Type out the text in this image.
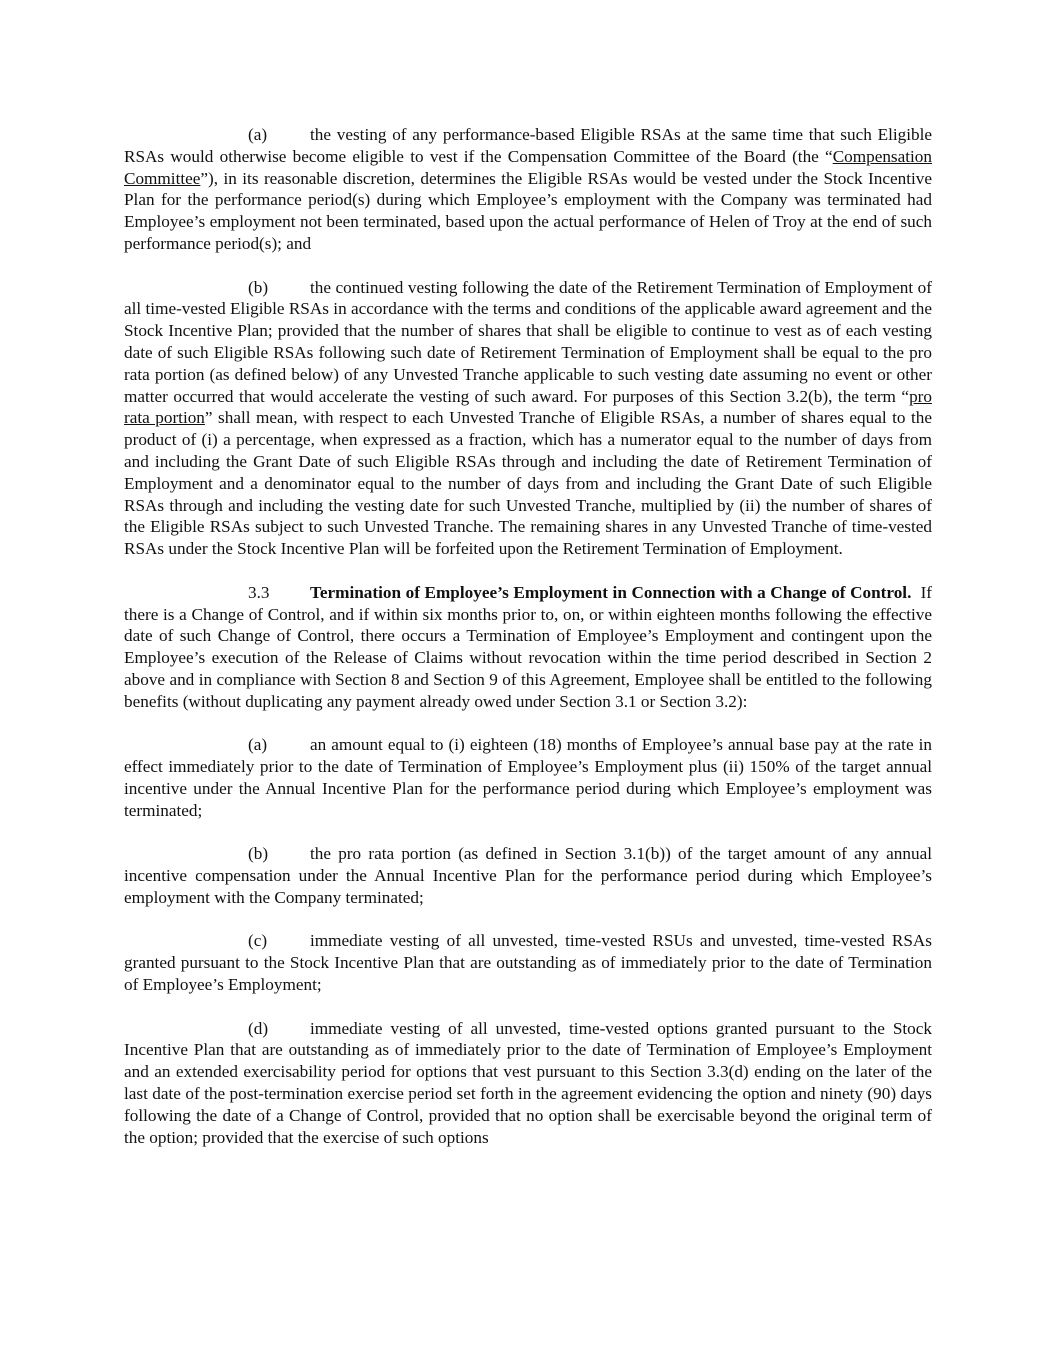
(a) the vesting of any performance-based Eligible RSAs at the same time that such Eligible RSAs would otherwise become eligible to vest if the Compensation Committee of the Board (the “Compensation Committee”), in its reasonable discretion, determines the Eligible RSAs would be vested under the Stock Incentive Plan for the performance period(s) during which Employee’s employment with the Company was terminated had Employee’s employment not been terminated, based upon the actual performance of Helen of Troy at the end of such performance period(s); and

(b) the continued vesting following the date of the Retirement Termination of Employment of all time-vested Eligible RSAs in accordance with the terms and conditions of the applicable award agreement and the Stock Incentive Plan; provided that the number of shares that shall be eligible to continue to vest as of each vesting date of such Eligible RSAs following such date of Retirement Termination of Employment shall be equal to the pro rata portion (as defined below) of any Unvested Tranche applicable to such vesting date assuming no event or other matter occurred that would accelerate the vesting of such award. For purposes of this Section 3.2(b), the term “pro rata portion” shall mean, with respect to each Unvested Tranche of Eligible RSAs, a number of shares equal to the product of (i) a percentage, when expressed as a fraction, which has a numerator equal to the number of days from and including the Grant Date of such Eligible RSAs through and including the date of Retirement Termination of Employment and a denominator equal to the number of days from and including the Grant Date of such Eligible RSAs through and including the vesting date for such Unvested Tranche, multiplied by (ii) the number of shares of the Eligible RSAs subject to such Unvested Tranche. The remaining shares in any Unvested Tranche of time-vested RSAs under the Stock Incentive Plan will be forfeited upon the Retirement Termination of Employment.

3.3 Termination of Employee’s Employment in Connection with a Change of Control. If there is a Change of Control, and if within six months prior to, on, or within eighteen months following the effective date of such Change of Control, there occurs a Termination of Employee’s Employment and contingent upon the Employee’s execution of the Release of Claims without revocation within the time period described in Section 2 above and in compliance with Section 8 and Section 9 of this Agreement, Employee shall be entitled to the following benefits (without duplicating any payment already owed under Section 3.1 or Section 3.2):

(a) an amount equal to (i) eighteen (18) months of Employee’s annual base pay at the rate in effect immediately prior to the date of Termination of Employee’s Employment plus (ii) 150% of the target annual incentive under the Annual Incentive Plan for the performance period during which Employee’s employment was terminated;

(b) the pro rata portion (as defined in Section 3.1(b)) of the target amount of any annual incentive compensation under the Annual Incentive Plan for the performance period during which Employee’s employment with the Company terminated;

(c) immediate vesting of all unvested, time-vested RSUs and unvested, time-vested RSAs granted pursuant to the Stock Incentive Plan that are outstanding as of immediately prior to the date of Termination of Employee’s Employment;

(d) immediate vesting of all unvested, time-vested options granted pursuant to the Stock Incentive Plan that are outstanding as of immediately prior to the date of Termination of Employee’s Employment and an extended exercisability period for options that vest pursuant to this Section 3.3(d) ending on the later of the last date of the post-termination exercise period set forth in the agreement evidencing the option and ninety (90) days following the date of a Change of Control, provided that no option shall be exercisable beyond the original term of the option; provided that the exercise of such options
